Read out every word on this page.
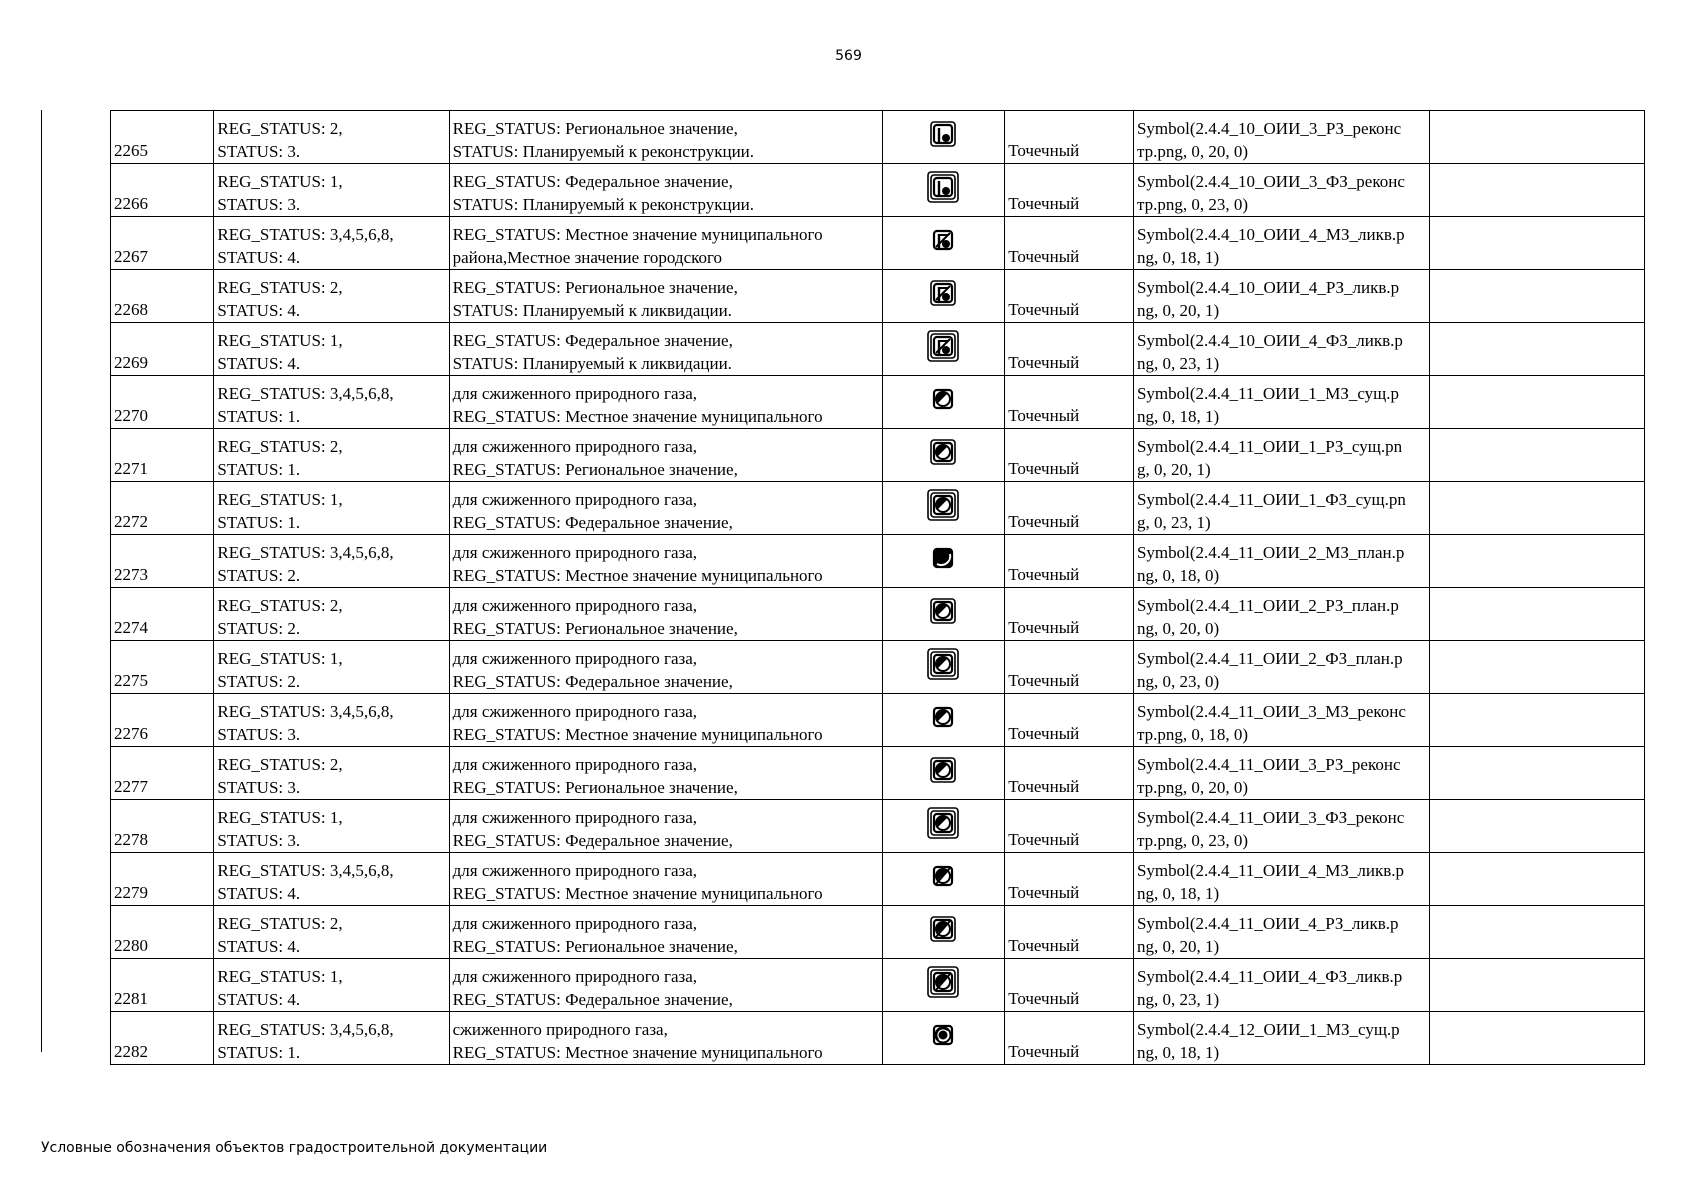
569
2265	REG_STATUS: 2,
STATUS: 3.	REG_STATUS: Региональное значение,
STATUS: Планируемый к реконструкции.		Точечный	Symbol(2.4.4_10_ОИИ_3_РЗ_реконс
тр.png, 0, 20, 0)	

2266	REG_STATUS: 1,
STATUS: 3.	REG_STATUS: Федеральное значение,
STATUS: Планируемый к реконструкции.		Точечный	Symbol(2.4.4_10_ОИИ_3_ФЗ_реконс
тр.png, 0, 23, 0)	

2267	REG_STATUS: 3,4,5,6,8,
STATUS: 4.	REG_STATUS: Местное значение муниципального
района,Местное значение городского		Точечный	Symbol(2.4.4_10_ОИИ_4_МЗ_ликв.p
ng, 0, 18, 1)	

2268	REG_STATUS: 2,
STATUS: 4.	REG_STATUS: Региональное значение,
STATUS: Планируемый к ликвидации.		Точечный	Symbol(2.4.4_10_ОИИ_4_РЗ_ликв.p
ng, 0, 20, 1)	

2269	REG_STATUS: 1,
STATUS: 4.	REG_STATUS: Федеральное значение,
STATUS: Планируемый к ликвидации.		Точечный	Symbol(2.4.4_10_ОИИ_4_ФЗ_ликв.p
ng, 0, 23, 1)	

2270	REG_STATUS: 3,4,5,6,8,
STATUS: 1.	для сжиженного природного газа,
REG_STATUS: Местное значение муниципального		Точечный	Symbol(2.4.4_11_ОИИ_1_МЗ_сущ.p
ng, 0, 18, 1)	

2271	REG_STATUS: 2,
STATUS: 1.	для сжиженного природного газа,
REG_STATUS: Региональное значение,		Точечный	Symbol(2.4.4_11_ОИИ_1_РЗ_сущ.pn
g, 0, 20, 1)	

2272	REG_STATUS: 1,
STATUS: 1.	для сжиженного природного газа,
REG_STATUS: Федеральное значение,		Точечный	Symbol(2.4.4_11_ОИИ_1_ФЗ_сущ.pn
g, 0, 23, 1)	

2273	REG_STATUS: 3,4,5,6,8,
STATUS: 2.	для сжиженного природного газа,
REG_STATUS: Местное значение муниципального		Точечный	Symbol(2.4.4_11_ОИИ_2_МЗ_план.p
ng, 0, 18, 0)	

2274	REG_STATUS: 2,
STATUS: 2.	для сжиженного природного газа,
REG_STATUS: Региональное значение,		Точечный	Symbol(2.4.4_11_ОИИ_2_РЗ_план.p
ng, 0, 20, 0)	

2275	REG_STATUS: 1,
STATUS: 2.	для сжиженного природного газа,
REG_STATUS: Федеральное значение,		Точечный	Symbol(2.4.4_11_ОИИ_2_ФЗ_план.p
ng, 0, 23, 0)	

2276	REG_STATUS: 3,4,5,6,8,
STATUS: 3.	для сжиженного природного газа,
REG_STATUS: Местное значение муниципального		Точечный	Symbol(2.4.4_11_ОИИ_3_МЗ_реконс
тр.png, 0, 18, 0)	

2277	REG_STATUS: 2,
STATUS: 3.	для сжиженного природного газа,
REG_STATUS: Региональное значение,		Точечный	Symbol(2.4.4_11_ОИИ_3_РЗ_реконс
тр.png, 0, 20, 0)	

2278	REG_STATUS: 1,
STATUS: 3.	для сжиженного природного газа,
REG_STATUS: Федеральное значение,		Точечный	Symbol(2.4.4_11_ОИИ_3_ФЗ_реконс
тр.png, 0, 23, 0)	

2279	REG_STATUS: 3,4,5,6,8,
STATUS: 4.	для сжиженного природного газа,
REG_STATUS: Местное значение муниципального		Точечный	Symbol(2.4.4_11_ОИИ_4_МЗ_ликв.p
ng, 0, 18, 1)	

2280	REG_STATUS: 2,
STATUS: 4.	для сжиженного природного газа,
REG_STATUS: Региональное значение,		Точечный	Symbol(2.4.4_11_ОИИ_4_РЗ_ликв.p
ng, 0, 20, 1)	

2281	REG_STATUS: 1,
STATUS: 4.	для сжиженного природного газа,
REG_STATUS: Федеральное значение,		Точечный	Symbol(2.4.4_11_ОИИ_4_ФЗ_ликв.p
ng, 0, 23, 1)	

2282	REG_STATUS: 3,4,5,6,8,
STATUS: 1.	сжиженного природного газа,
REG_STATUS: Местное значение муниципального		Точечный	Symbol(2.4.4_12_ОИИ_1_МЗ_сущ.p
ng, 0, 18, 1)	

Условные обозначения объектов градостроительной документации
